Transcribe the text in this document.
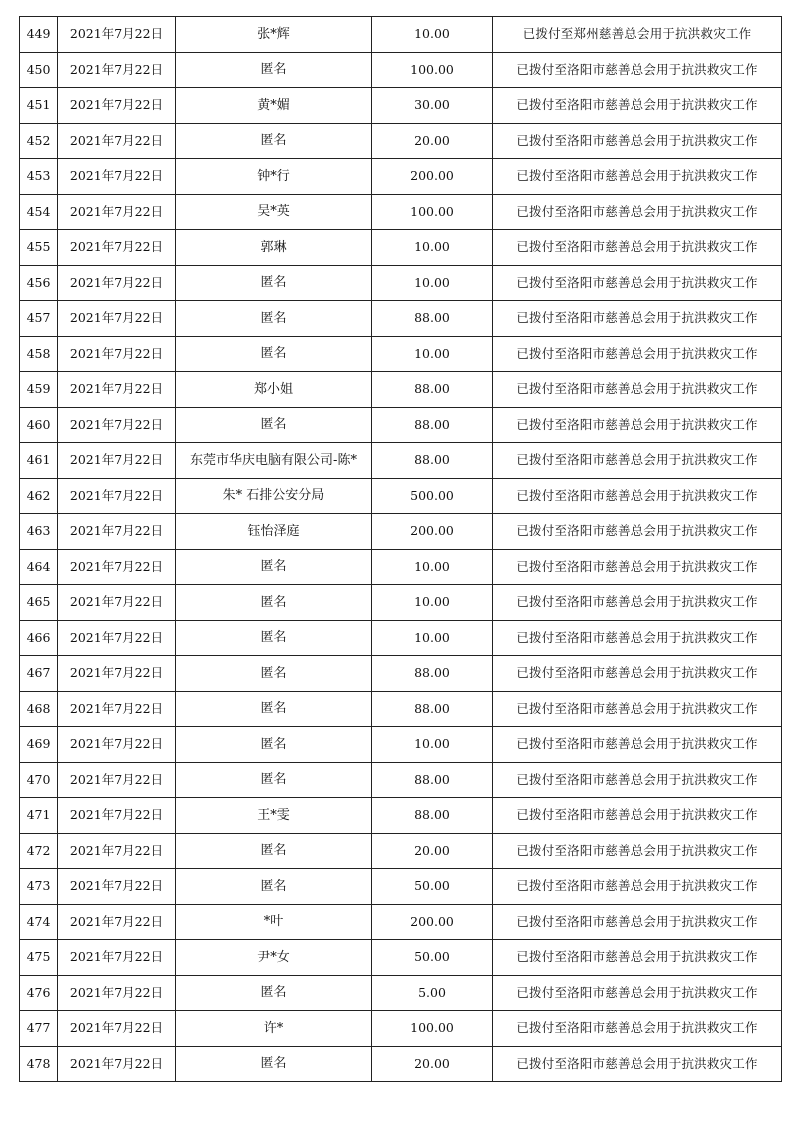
449	2021年7月22日	张*辉	10.00	已拨付至郑州慈善总会用于抗洪救灾工作
450	2021年7月22日	匿名	100.00	已拨付至洛阳市慈善总会用于抗洪救灾工作
451	2021年7月22日	黄*媚	30.00	已拨付至洛阳市慈善总会用于抗洪救灾工作
452	2021年7月22日	匿名	20.00	已拨付至洛阳市慈善总会用于抗洪救灾工作
453	2021年7月22日	钟*行	200.00	已拨付至洛阳市慈善总会用于抗洪救灾工作
454	2021年7月22日	吴*英	100.00	已拨付至洛阳市慈善总会用于抗洪救灾工作
455	2021年7月22日	郭琳	10.00	已拨付至洛阳市慈善总会用于抗洪救灾工作
456	2021年7月22日	匿名	10.00	已拨付至洛阳市慈善总会用于抗洪救灾工作
457	2021年7月22日	匿名	88.00	已拨付至洛阳市慈善总会用于抗洪救灾工作
458	2021年7月22日	匿名	10.00	已拨付至洛阳市慈善总会用于抗洪救灾工作
459	2021年7月22日	郑小姐	88.00	已拨付至洛阳市慈善总会用于抗洪救灾工作
460	2021年7月22日	匿名	88.00	已拨付至洛阳市慈善总会用于抗洪救灾工作
461	2021年7月22日	东莞市华庆电脑有限公司-陈*	88.00	已拨付至洛阳市慈善总会用于抗洪救灾工作
462	2021年7月22日	朱* 石排公安分局	500.00	已拨付至洛阳市慈善总会用于抗洪救灾工作
463	2021年7月22日	钰怡泽庭	200.00	已拨付至洛阳市慈善总会用于抗洪救灾工作
464	2021年7月22日	匿名	10.00	已拨付至洛阳市慈善总会用于抗洪救灾工作
465	2021年7月22日	匿名	10.00	已拨付至洛阳市慈善总会用于抗洪救灾工作
466	2021年7月22日	匿名	10.00	已拨付至洛阳市慈善总会用于抗洪救灾工作
467	2021年7月22日	匿名	88.00	已拨付至洛阳市慈善总会用于抗洪救灾工作
468	2021年7月22日	匿名	88.00	已拨付至洛阳市慈善总会用于抗洪救灾工作
469	2021年7月22日	匿名	10.00	已拨付至洛阳市慈善总会用于抗洪救灾工作
470	2021年7月22日	匿名	88.00	已拨付至洛阳市慈善总会用于抗洪救灾工作
471	2021年7月22日	王*雯	88.00	已拨付至洛阳市慈善总会用于抗洪救灾工作
472	2021年7月22日	匿名	20.00	已拨付至洛阳市慈善总会用于抗洪救灾工作
473	2021年7月22日	匿名	50.00	已拨付至洛阳市慈善总会用于抗洪救灾工作
474	2021年7月22日	*叶	200.00	已拨付至洛阳市慈善总会用于抗洪救灾工作
475	2021年7月22日	尹*女	50.00	已拨付至洛阳市慈善总会用于抗洪救灾工作
476	2021年7月22日	匿名	5.00	已拨付至洛阳市慈善总会用于抗洪救灾工作
477	2021年7月22日	许*	100.00	已拨付至洛阳市慈善总会用于抗洪救灾工作
478	2021年7月22日	匿名	20.00	已拨付至洛阳市慈善总会用于抗洪救灾工作
